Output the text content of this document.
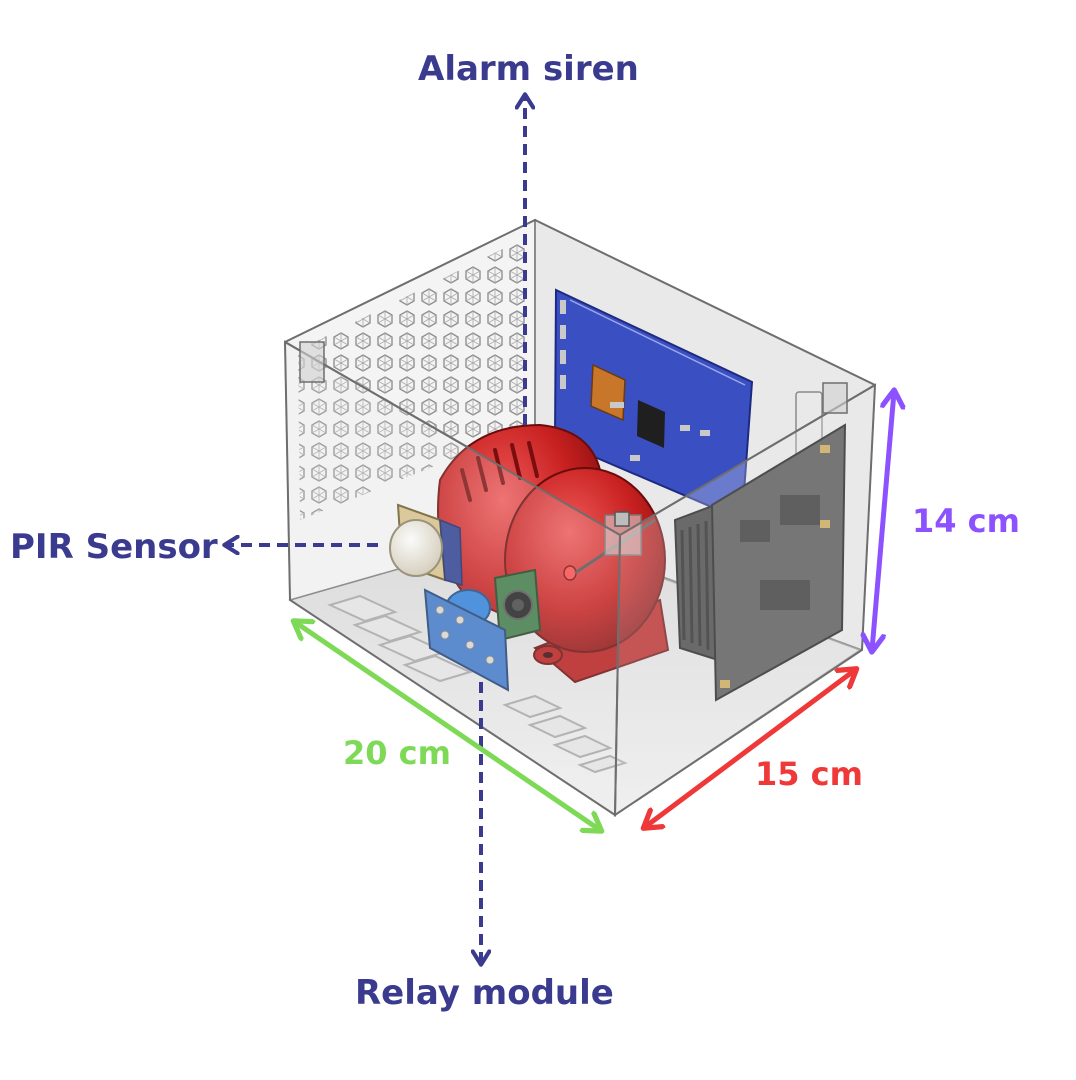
Alarm siren
PIR Sensor
Relay module
20 cm
15 cm
14 cm
